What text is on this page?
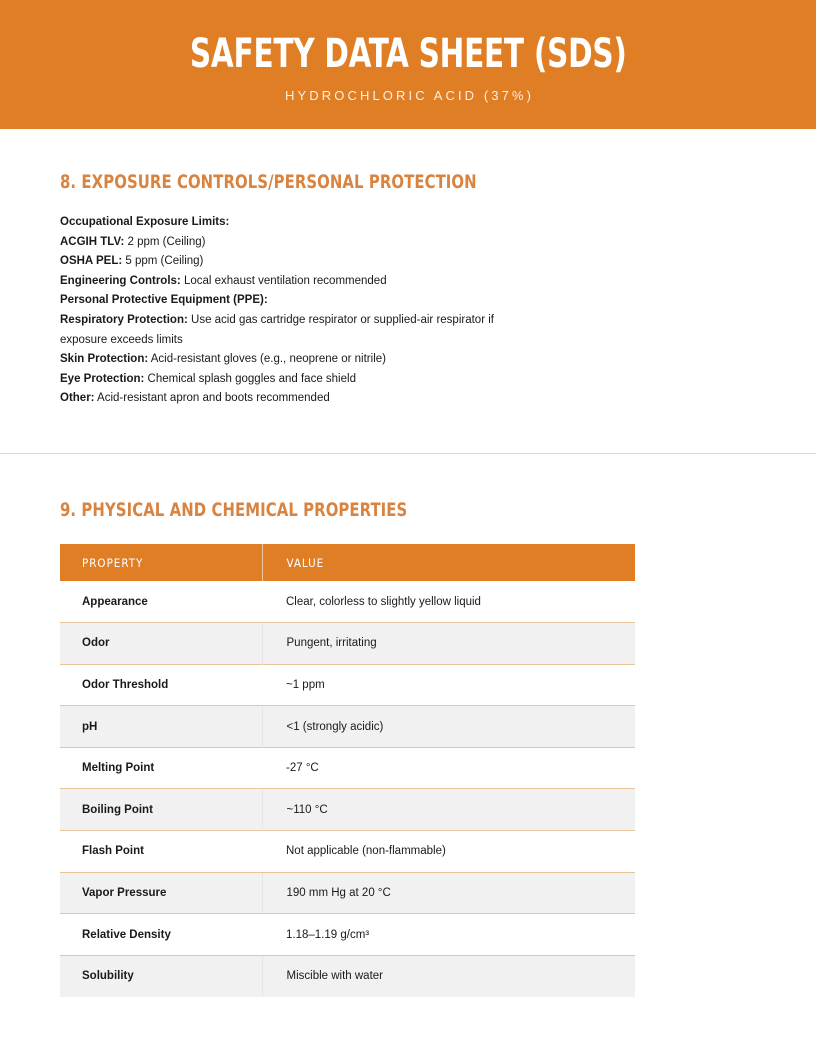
SAFETY DATA SHEET (SDS)
HYDROCHLORIC ACID (37%)
8. EXPOSURE CONTROLS/PERSONAL PROTECTION

Occupational Exposure Limits:

ACGIH TLV: 2 ppm (Ceiling)

OSHA PEL: 5 ppm (Ceiling)

Engineering Controls: Local exhaust ventilation recommended

Personal Protective Equipment (PPE):

Respiratory Protection: Use acid gas cartridge respirator or supplied-air respirator if exposure exceeds limits

Skin Protection: Acid-resistant gloves (e.g., neoprene or nitrile)

Eye Protection: Chemical splash goggles and face shield

Other: Acid-resistant apron and boots recommended

9. PHYSICAL AND CHEMICAL PROPERTIES
PROPERTY	VALUE
Appearance	Clear, colorless to slightly yellow liquid
Odor	Pungent, irritating
Odor Threshold	~1 ppm
pH	<1 (strongly acidic)
Melting Point	-27 °C
Boiling Point	~110 °C
Flash Point	Not applicable (non-flammable)
Vapor Pressure	190 mm Hg at 20 °C
Relative Density	1.18–1.19 g/cm³
Solubility	Miscible with water
